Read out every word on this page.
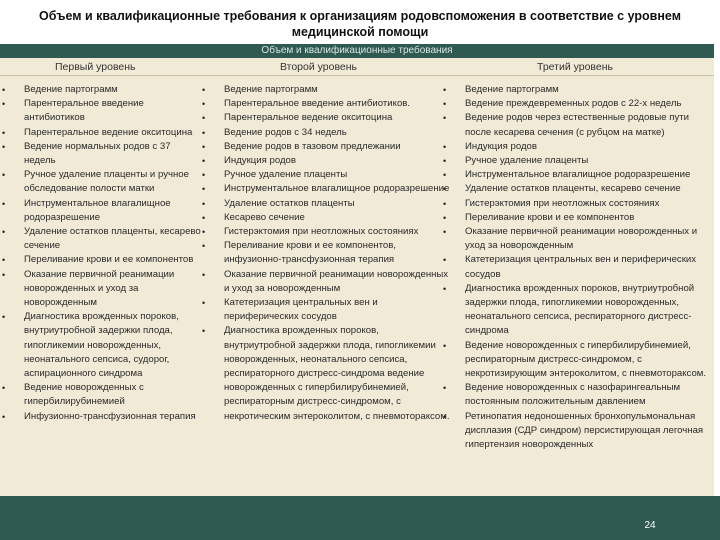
Объем и квалификационные требования к организациям родовспоможения в соответствие с уровнем медицинской помощи
Объем и квалификационные требования
Первый уровень	Второй уровень	Третий уровень
• Ведение партограмм
• Парентеральное введение антибиотиков
• Парентеральное ведение окситоцина
• Ведение нормальных родов с 37 недель
• Ручное удаление плаценты и ручное обследование полости матки
• Инструментальное влагалищное родоразрешение
• Удаление остатков плаценты, кесарево сечение
• Переливание крови и ее компонентов
• Оказание первичной реанимации новорожденных и уход за новорожденным
• Диагностика врожденных пороков, внутриутробной задержки плода, гипогликемии новорожденных, неонатального сепсиса, судорог, аспирационного синдрома
• Ведение новорожденных с гипербилирубинемией
• Инфузионно-трансфузионная терапия
• Ведение партограмм
• Парентеральное введение антибиотиков.
• Парентеральное ведение окситоцина
• Ведение родов с 34 недель
• Ведение родов в тазовом предлежании
• Индукция родов
• Ручное удаление плаценты
• Инструментальное влагалищное родоразрешение
• Удаление остатков плаценты
• Кесарево сечение
• Гистерэктомия при неотложных состояниях
• Переливание крови и ее компонентов, инфузионно-трансфузионная терапия
• Оказание первичной реанимации новорожденных и уход за новорожденным
• Катетеризация центральных вен и периферических сосудов
• Диагностика врожденных пороков, внутриутробной задержки плода, гипогликемии новорожденных, неонатального сепсиса, респираторного дистресс-синдрома ведение новорожденных с гипербилирубинемией, респираторным дистресс-синдромом, с некротическим энтероколитом, с пневмотораксом.
• Ведение партограмм
• Ведение преждевременных родов с 22-х недель
• Ведение родов через естественные родовые пути после кесарева сечения (с рубцом на матке)
• Индукция родов
• Ручное удаление плаценты
• Инструментальное влагалищное родоразрешение
• Удаление остатков плаценты, кесарево сечение
• Гистерэктомия при неотложных состояниях
• Переливание крови и ее компонентов
• Оказание первичной реанимации новорожденных и уход за новорожденным
• Катетеризация центральных вен и периферических сосудов
• Диагностика врожденных пороков, внутриутробной задержки плода, гипогликемии новорожденных, неонатального сепсиса, респираторного дистресс-синдрома
• Ведение новорожденных с гипербилирубинемией, респираторным дистресс-синдромом, с некротизирующим энтероколитом, с пневмотораксом.
• Ведение новорожденных с назофарингеальным постоянным положительным давлением
• Ретинопатия недоношенных бронхопульмональная дисплазия (СДР синдром) персистирующая легочная гипертензия новорожденных
24
